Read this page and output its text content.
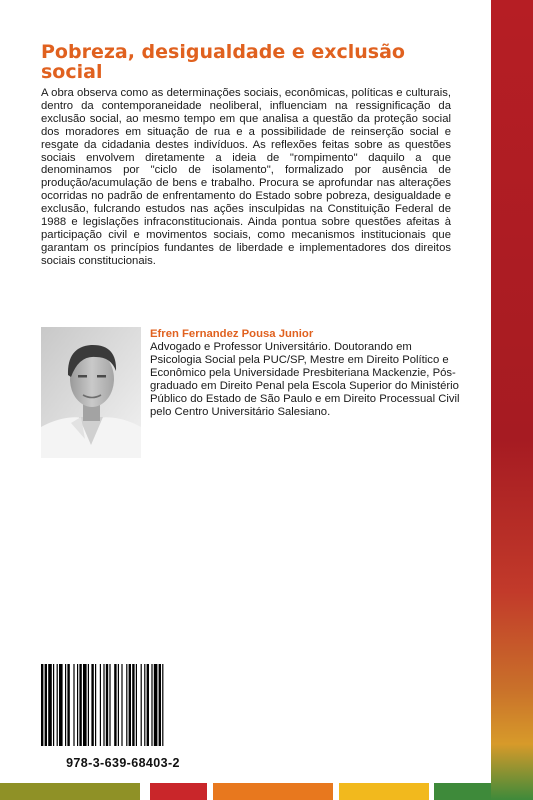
Pobreza, desigualdade e exclusão social

A obra observa como as determinações sociais, econômicas, políticas e culturais, dentro da contemporaneidade neoliberal, influenciam na ressignificação da exclusão social, ao mesmo tempo em que analisa a questão da proteção social dos moradores em situação de rua e a possibilidade de reinserção social e resgate da cidadania destes indivíduos. As reflexões feitas sobre as questões sociais envolvem diretamente a ideia de "rompimento" daquilo a que denominamos por "ciclo de isolamento", formalizado por ausência de produção/acumulação de bens e trabalho. Procura se aprofundar nas alterações ocorridas no padrão de enfrentamento do Estado sobre pobreza, desigualdade e exclusão, fulcrando estudos nas ações insculpidas na Constituição Federal de 1988 e legislações infraconstitucionais. Ainda pontua sobre questões afeitas à participação civil e movimentos sociais, como mecanismos institucionais que garantam os princípios fundantes de liberdade e implementadores dos direitos sociais constitucionais.

Efren Fernandez Pousa Junior

Advogado e Professor Universitário. Doutorando em Psicologia Social pela PUC/SP, Mestre em Direito Político e Econômico pela Universidade Presbiteriana Mackenzie, Pós-graduado em Direito Penal pela Escola Superior do Ministério Público do Estado de São Paulo e em Direito Processual Civil pelo Centro Universitário Salesiano.

978-3-639-68403-2
